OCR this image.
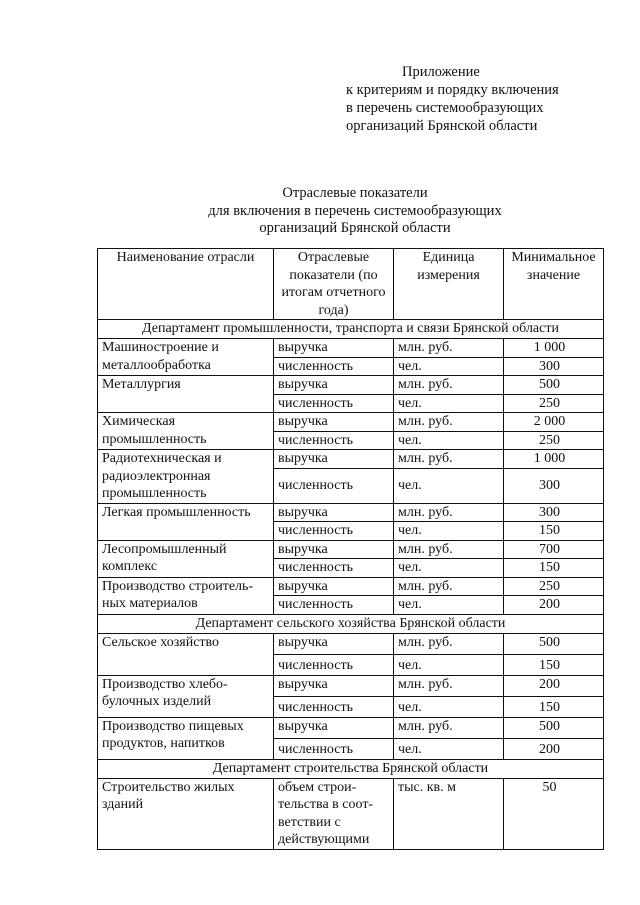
Приложение
к критериям и порядку включения
в перечень системообразующих
организаций Брянской области
Отраслевые показатели
для включения в перечень системообразующих
организаций Брянской области
Наименование отрасли	Отраслевые показатели (по итогам отчетного года)	Единица измерения	Минимальное значение
Департамент промышленности, транспорта и связи Брянской области			
Машиностроение и металлообработка	выручка	млн. руб.	1 000
	численность	чел.	300
Металлургия	выручка	млн. руб.	500
	численность	чел.	250
Химическая промышленность	выручка	млн. руб.	2 000
	численность	чел.	250
Радиотехническая и радиоэлектронная промышленность	выручка	млн. руб.	1 000
	численность	чел.	300
Легкая промышленность	выручка	млн. руб.	300
	численность	чел.	150
Лесопромышленный комплекс	выручка	млн. руб.	700
	численность	чел.	150
Производство строитель-ных материалов	выручка	млн. руб.	250
	численность	чел.	200
Департамент сельского хозяйства Брянской области			
Сельское хозяйство	выручка	млн. руб.	500
	численность	чел.	150
Производство хлебо-булочных изделий	выручка	млн. руб.	200
	численность	чел.	150
Производство пищевых продуктов, напитков	выручка	млн. руб.	500
	численность	чел.	200
Департамент строительства Брянской области			
Строительство жилых зданий	объем строи-тельства в соот-ветствии с действующими	тыс. кв. м	50
